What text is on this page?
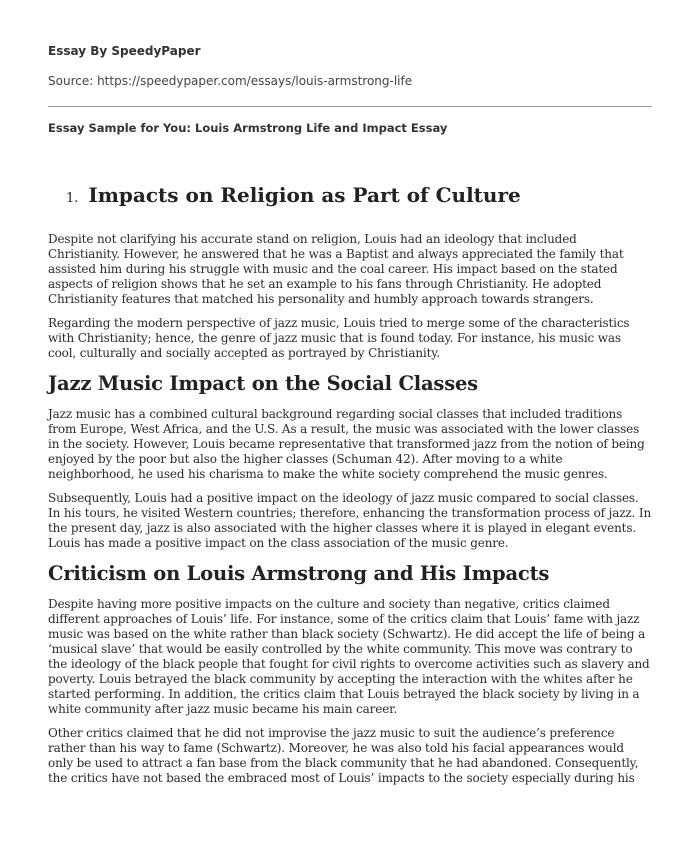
Essay By SpeedyPaper
Source: https://speedypaper.com/essays/louis-armstrong-life
Essay Sample for You: Louis Armstrong Life and Impact Essay
1. Impacts on Religion as Part of Culture

Despite not clarifying his accurate stand on religion, Louis had an ideology that included Christianity. However, he answered that he was a Baptist and always appreciated the family that assisted him during his struggle with music and the coal career. His impact based on the stated aspects of religion shows that he set an example to his fans through Christianity. He adopted Christianity features that matched his personality and humbly approach towards strangers.

Regarding the modern perspective of jazz music, Louis tried to merge some of the characteristics with Christianity; hence, the genre of jazz music that is found today. For instance, his music was cool, culturally and socially accepted as portrayed by Christianity.

Jazz Music Impact on the Social Classes

Jazz music has a combined cultural background regarding social classes that included traditions from Europe, West Africa, and the U.S. As a result, the music was associated with the lower classes in the society. However, Louis became representative that transformed jazz from the notion of being enjoyed by the poor but also the higher classes (Schuman 42). After moving to a white neighborhood, he used his charisma to make the white society comprehend the music genres.

Subsequently, Louis had a positive impact on the ideology of jazz music compared to social classes. In his tours, he visited Western countries; therefore, enhancing the transformation process of jazz. In the present day, jazz is also associated with the higher classes where it is played in elegant events. Louis has made a positive impact on the class association of the music genre.

Criticism on Louis Armstrong and His Impacts

Despite having more positive impacts on the culture and society than negative, critics claimed different approaches of Louis’ life. For instance, some of the critics claim that Louis’ fame with jazz music was based on the white rather than black society (Schwartz). He did accept the life of being a ‘musical slave’ that would be easily controlled by the white community. This move was contrary to the ideology of the black people that fought for civil rights to overcome activities such as slavery and poverty. Louis betrayed the black community by accepting the interaction with the whites after he started performing. In addition, the critics claim that Louis betrayed the black society by living in a white community after jazz music became his main career.

Other critics claimed that he did not improvise the jazz music to suit the audience’s preference rather than his way to fame (Schwartz). Moreover, he was also told his facial appearances would only be used to attract a fan base from the black community that he had abandoned. Consequently, the critics have not based the embraced most of Louis’ impacts to the society especially during his
